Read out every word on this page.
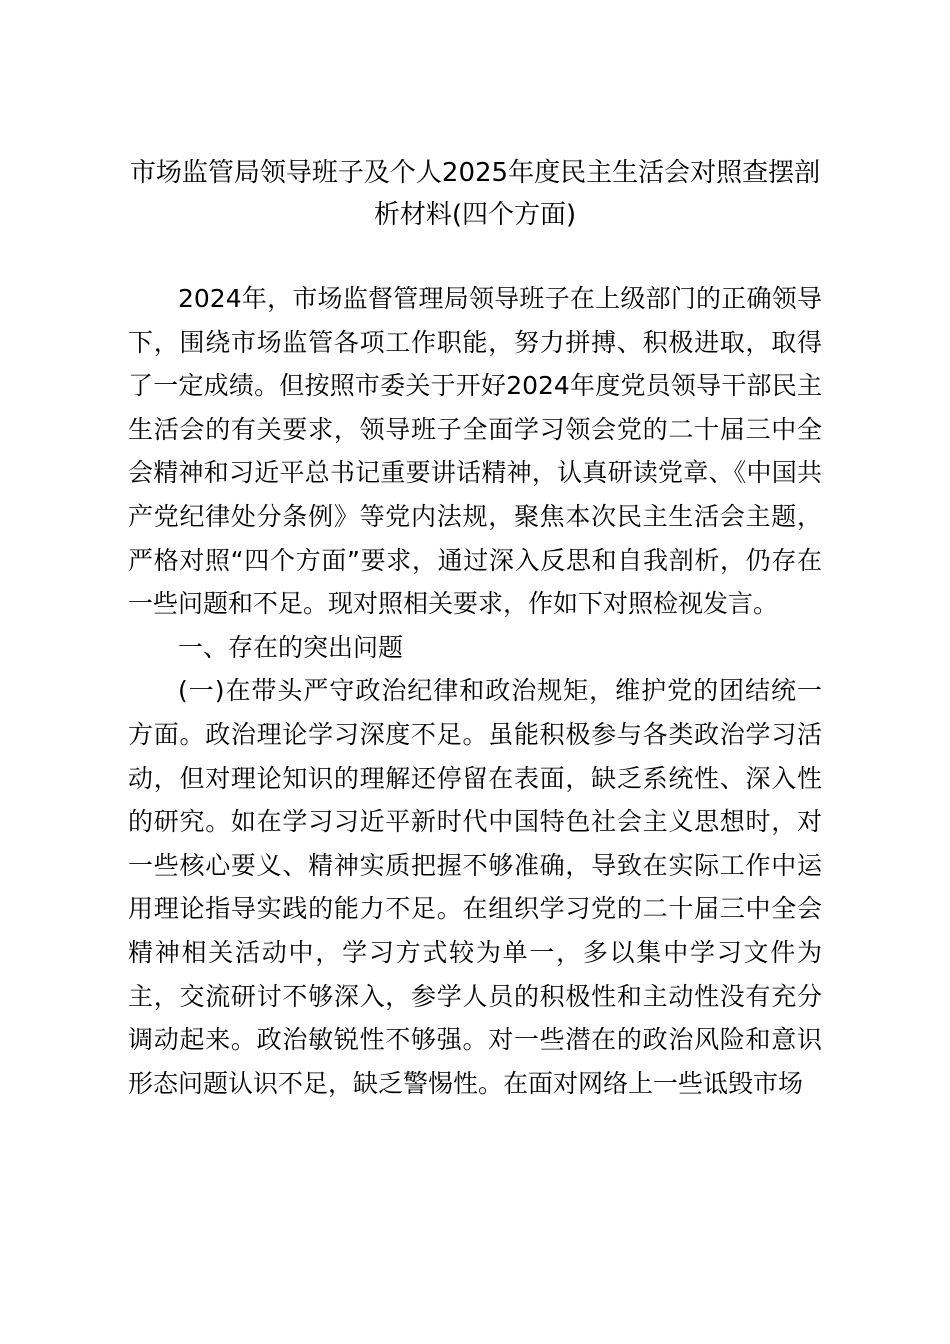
市场监管局领导班子及个人2025年度民主生活会对照查摆剖析材料(四个方面)

2024年，市场监督管理局领导班子在上级部门的正确领导下，围绕市场监管各项工作职能，努力拼搏、积极进取，取得了一定成绩。但按照市委关于开好2024年度党员领导干部民主生活会的有关要求，领导班子全面学习领会党的二十届三中全会精神和习近平总书记重要讲话精神，认真研读党章、《中国共产党纪律处分条例》等党内法规，聚焦本次民主生活会主题，严格对照“四个方面”要求，通过深入反思和自我剖析，仍存在一些问题和不足。现对照相关要求，作如下对照检视发言。

一、存在的突出问题

(一)在带头严守政治纪律和政治规矩，维护党的团结统一方面。政治理论学习深度不足。虽能积极参与各类政治学习活动，但对理论知识的理解还停留在表面，缺乏系统性、深入性的研究。如在学习习近平新时代中国特色社会主义思想时，对一些核心要义、精神实质把握不够准确，导致在实际工作中运用理论指导实践的能力不足。在组织学习党的二十届三中全会精神相关活动中，学习方式较为单一，多以集中学习文件为主，交流研讨不够深入，参学人员的积极性和主动性没有充分调动起来。政治敏锐性不够强。对一些潜在的政治风险和意识形态问题认识不足，缺乏警惕性。在面对网络上一些诋毁市场
